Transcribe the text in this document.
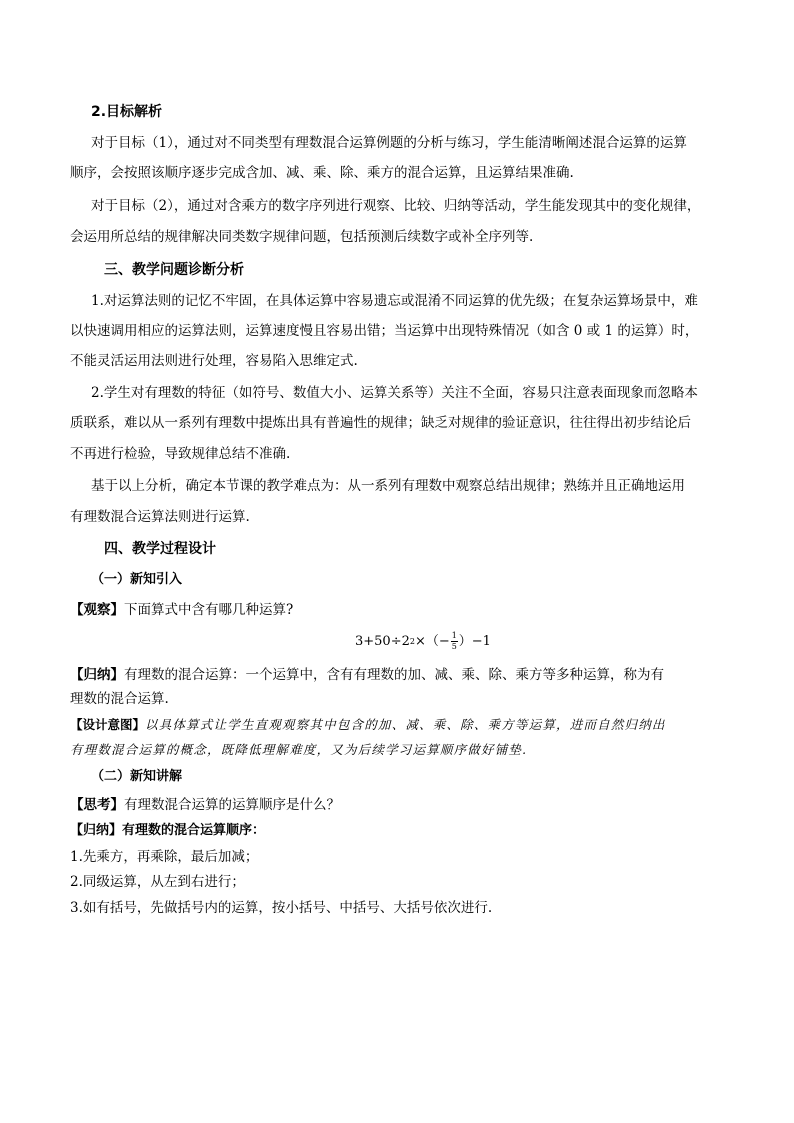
2.目标解析
对于目标（1），通过对不同类型有理数混合运算例题的分析与练习，学生能清晰阐述混合运算的运算
顺序，会按照该顺序逐步完成含加、减、乘、除、乘方的混合运算，且运算结果准确.
对于目标（2），通过对含乘方的数字序列进行观察、比较、归纳等活动，学生能发现其中的变化规律，
会运用所总结的规律解决同类数字规律问题，包括预测后续数字或补全序列等.
三、教学问题诊断分析
1.对运算法则的记忆不牢固，在具体运算中容易遗忘或混淆不同运算的优先级；在复杂运算场景中，难
以快速调用相应的运算法则，运算速度慢且容易出错；当运算中出现特殊情况（如含 0 或 1 的运算）时，
不能灵活运用法则进行处理，容易陷入思维定式.
2.学生对有理数的特征（如符号、数值大小、运算关系等）关注不全面，容易只注意表面现象而忽略本
质联系，难以从一系列有理数中提炼出具有普遍性的规律；缺乏对规律的验证意识，往往得出初步结论后
不再进行检验，导致规律总结不准确.
基于以上分析，确定本节课的教学难点为：从一系列有理数中观察总结出规律；熟练并且正确地运用
有理数混合运算法则进行运算.
四、教学过程设计
（一）新知引入
【观察】下面算式中含有哪几种运算?
3+50÷2 2 ×（− $\frac{1}{5} )-1$
【归纳】有理数的混合运算：一个运算中，含有有理数的加、减、乘、除、乘方等多种运算，称为有
理数的混合运算.
【设计意图】以具体算式让学生直观观察其中包含的加、减、乘、除、乘方等运算，进而自然归纳出
有理数混合运算的概念，既降低理解难度，又为后续学习运算顺序做好铺垫.
（二）新知讲解
【思考】有理数混合运算的运算顺序是什么？
【归纳】有理数的混合运算顺序：
1.先乘方，再乘除，最后加减；
2.同级运算，从左到右进行；
3.如有括号，先做括号内的运算，按小括号、中括号、大括号依次进行.
